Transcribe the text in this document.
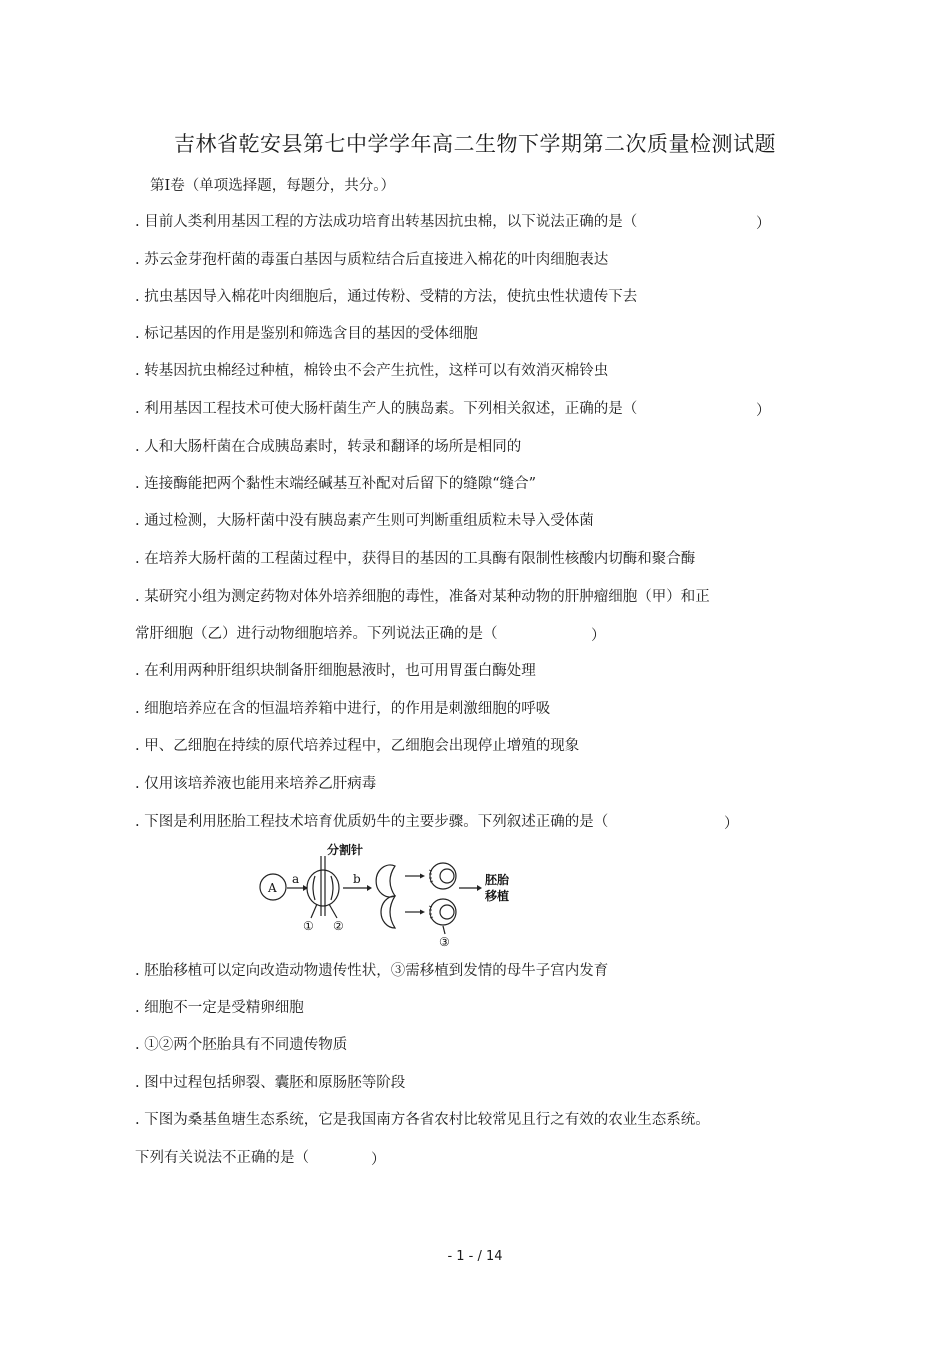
吉林省乾安县第七中学学年高二生物下学期第二次质量检测试题
第Ⅰ卷（单项选择题，每题分，共分。）
. 目前人类利用基因工程的方法成功培育出转基因抗虫棉，以下说法正确的是（	）
. 苏云金芽孢杆菌的毒蛋白基因与质粒结合后直接进入棉花的叶肉细胞表达
. 抗虫基因导入棉花叶肉细胞后，通过传粉、受精的方法，使抗虫性状遗传下去
. 标记基因的作用是鉴别和筛选含目的基因的受体细胞
. 转基因抗虫棉经过种植，棉铃虫不会产生抗性，这样可以有效消灭棉铃虫
. 利用基因工程技术可使大肠杆菌生产人的胰岛素。下列相关叙述，正确的是（	）
. 人和大肠杆菌在合成胰岛素时，转录和翻译的场所是相同的
. 连接酶能把两个黏性末端经碱基互补配对后留下的缝隙“缝合”
. 通过检测，大肠杆菌中没有胰岛素产生则可判断重组质粒未导入受体菌
. 在培养大肠杆菌的工程菌过程中，获得目的基因的工具酶有限制性核酸内切酶和聚合酶
. 某研究小组为测定药物对体外培养细胞的毒性，准备对某种动物的肝肿瘤细胞（甲）和正
常肝细胞（乙）进行动物细胞培养。下列说法正确的是（	）
. 在利用两种肝组织块制备肝细胞悬液时，也可用胃蛋白酶处理
. 细胞培养应在含的恒温培养箱中进行，的作用是刺激细胞的呼吸
. 甲、乙细胞在持续的原代培养过程中，乙细胞会出现停止增殖的现象
. 仅用该培养液也能用来培养乙肝病毒
. 下图是利用胚胎工程技术培育优质奶牛的主要步骤。下列叙述正确的是（	）
A
a	b
分割针
① ②
③
胚胎
移植
. 胚胎移植可以定向改造动物遗传性状，③需移植到发情的母牛子宫内发育
. 细胞不一定是受精卵细胞
. ①②两个胚胎具有不同遗传物质
. 图中过程包括卵裂、囊胚和原肠胚等阶段
. 下图为桑基鱼塘生态系统，它是我国南方各省农村比较常见且行之有效的农业生态系统。
下列有关说法不正确的是（	）
- 1 - / 14
